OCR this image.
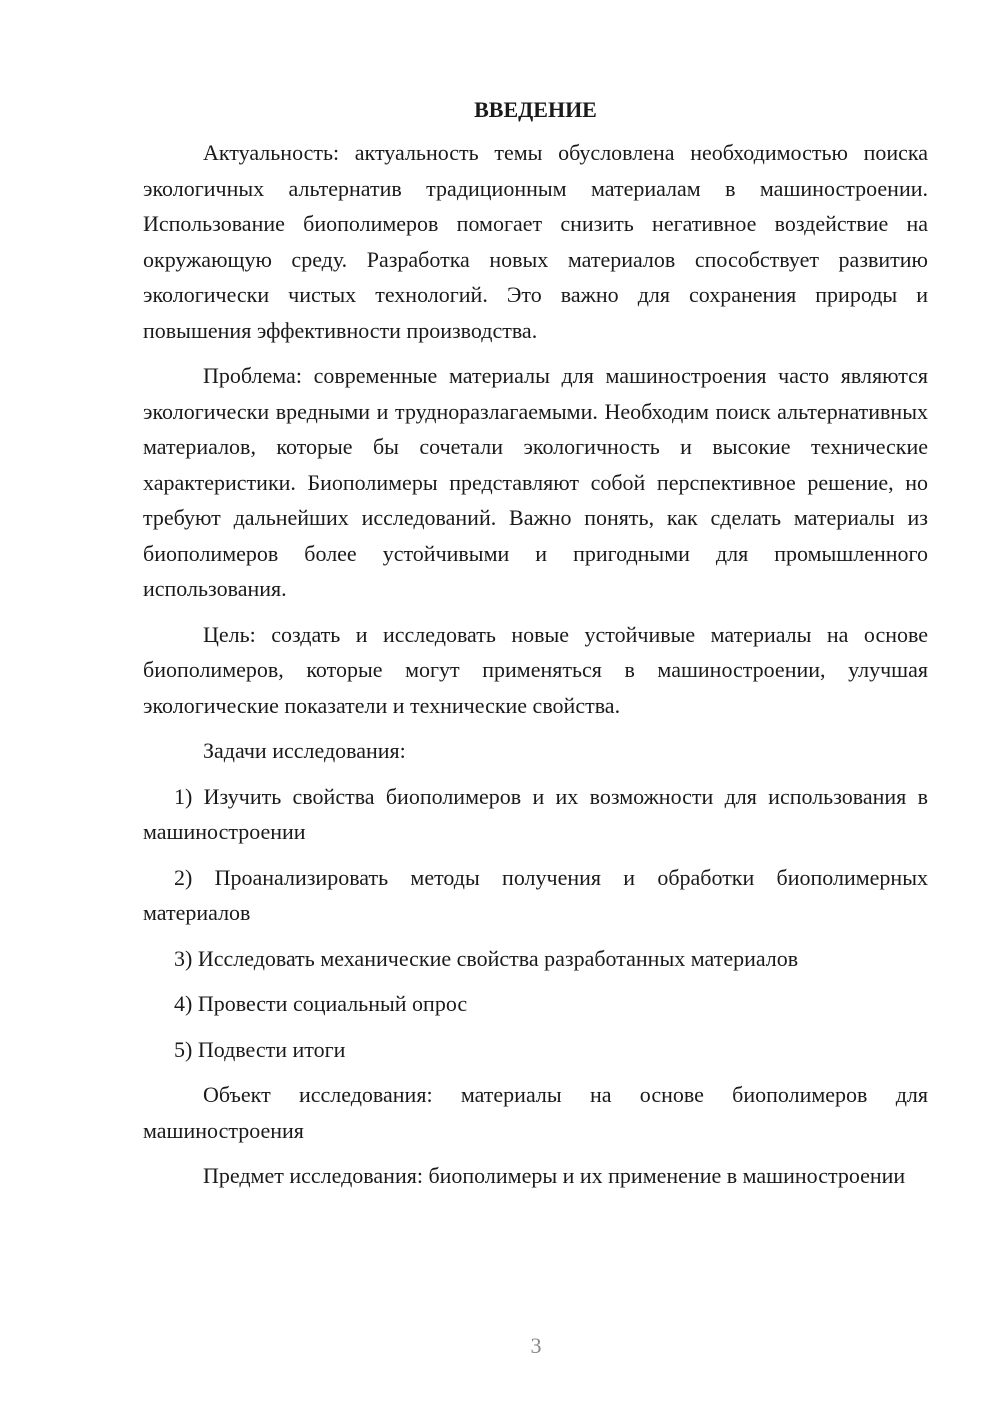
ВВЕДЕНИЕ

Актуальность: актуальность темы обусловлена необходимостью поиска экологичных альтернатив традиционным материалам в машиностроении. Использование биополимеров помогает снизить негативное воздействие на окружающую среду. Разработка новых материалов способствует развитию экологически чистых технологий. Это важно для сохранения природы и повышения эффективности производства.

Проблема: современные материалы для машиностроения часто являются экологически вредными и трудноразлагаемыми. Необходим поиск альтернативных материалов, которые бы сочетали экологичность и высокие технические характеристики. Биополимеры представляют собой перспективное решение, но требуют дальнейших исследований. Важно понять, как сделать материалы из биополимеров более устойчивыми и пригодными для промышленного использования.

Цель: создать и исследовать новые устойчивые материалы на основе биополимеров, которые могут применяться в машиностроении, улучшая экологические показатели и технические свойства.

Задачи исследования:

1) Изучить свойства биополимеров и их возможности для использования в машиностроении

2) Проанализировать методы получения и обработки биополимерных материалов

3) Исследовать механические свойства разработанных материалов

4) Провести социальный опрос

5) Подвести итоги

Объект исследования: материалы на основе биополимеров для машиностроения

Предмет исследования: биополимеры и их применение в машиностроении

3
